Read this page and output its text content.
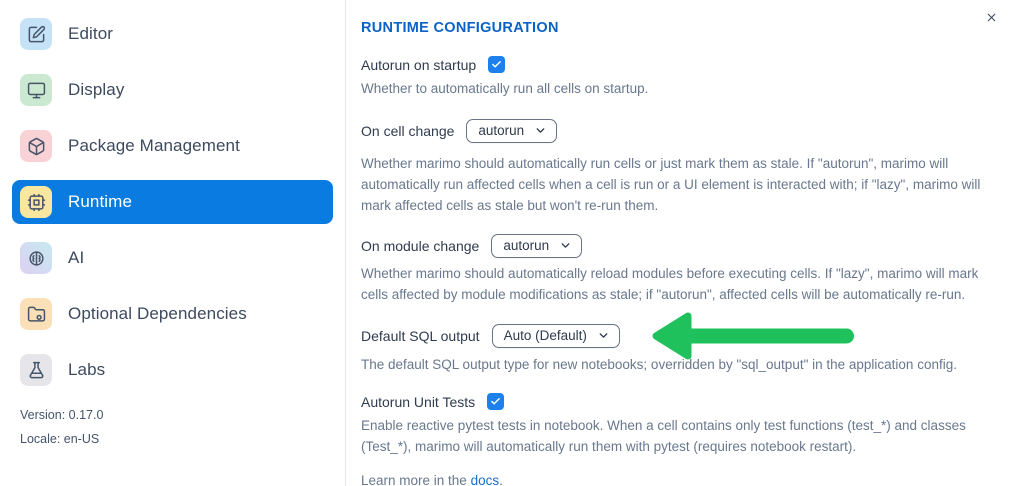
Editor
Display
Package Management
Runtime
AI
Optional Dependencies
Labs
Version: 0.17.0
Locale: en-US
RUNTIME CONFIGURATION
Autorun on startup
Whether to automatically run all cells on startup.
On cell change autorun
Whether marimo should automatically run cells or just mark them as stale. If "autorun", marimo will automatically run affected cells when a cell is run or a UI element is interacted with; if "lazy", marimo will mark affected cells as stale but won't re-run them.
On module change autorun
Whether marimo should automatically reload modules before executing cells. If "lazy", marimo will mark cells affected by module modifications as stale; if "autorun", affected cells will be automatically re-run.
Default SQL output Auto (Default)
The default SQL output type for new notebooks; overridden by "sql_output" in the application config.
Autorun Unit Tests
Enable reactive pytest tests in notebook. When a cell contains only test functions (test_*) and classes (Test_*), marimo will automatically run them with pytest (requires notebook restart).
Learn more in the docs.
